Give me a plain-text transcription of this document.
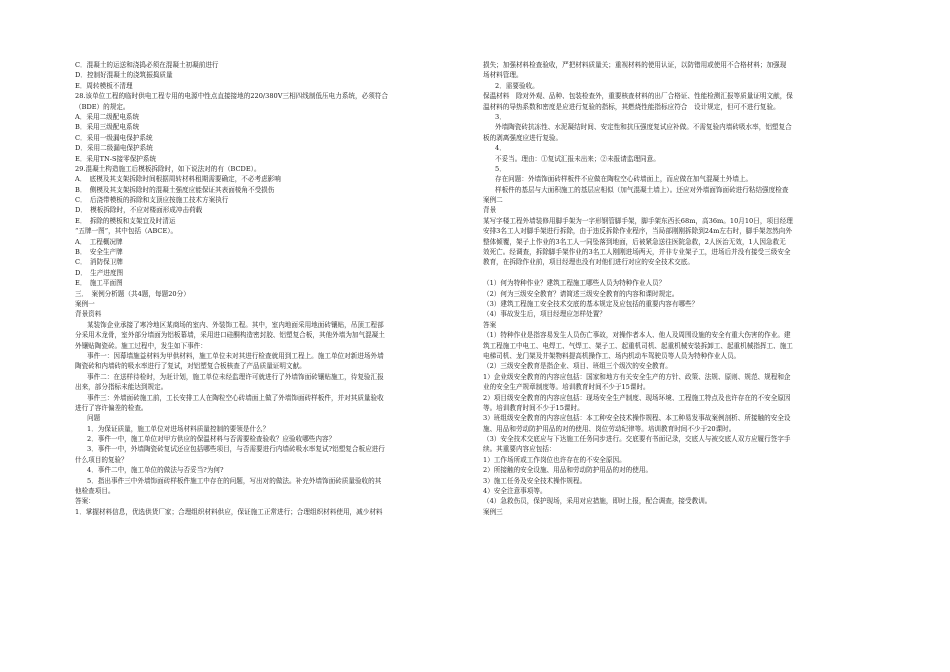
C．混凝土的运送和浇捣必须在混凝土初凝前进行
D．控制好混凝土的浇筑振捣质量
E．周转模板不清理
28.该单位工程的临时供电工程专用的电源中性点直接接地的220/380V三相四线制低压电力系统，必须符合
（BDE）的规定。
A．采用二级配电系统
B．采用三级配电系统
C．采用一级漏电保护系统
D．采用二级漏电保护系统
E．采用TN-S接零保护系统
29.混凝土构造施工后模板拆除时，如下说法对的有（BCDE）。
A．　底模及其支架拆除时间根据周转材料租期需要确定，不必考虑影响
B．　侧模及其支架拆除时的混凝土强度应能保证其表面棱角不受损伤
C．　后浇带模板的拆除和支顶应按施工技术方案执行
D．　模板拆除时，不应对楼面形成冲击荷载
E．　拆除的模板和支架宜及时清运
“五牌一图”，其中包括（ABCE）。
A．　工程概况牌
B．　安全生产牌
C．　消防保卫牌
D．　生产进度图
E．　施工平面图
三．　案例分析题（共4题，每题20分）
案例一
背景资料
某装饰企业承接了寒冷地区某商场的室内、外装饰工程。其中，室内地面采用地面砖镶贴，吊顶工程部
分采用木龙骨，室外部分墙面为铝板幕墙，采用进口硅酮构造密封胶、铝塑复合板，其他外墙为加气混凝土
外镶贴陶瓷砖。施工过程中，发生如下事件：
事件一：因幕墙施益材料为甲供材料，施工单位未对其进行检查就用到工程上。施工单位对新进场外墙
陶瓷砖和内墙砖的吸水率进行了复试，对铝塑复合板核查了产品质量证明文献。
事件二：在送样待检时，为赶计划，施工单位未经监理许可就进行了外墙饰面砖镶贴施工，待复验汇报
出来，部分指标未能达到规定。
事件三：外墙面砖施工前，工长安排工人在陶粒空心砖墙面上做了外墙饰面砖样板件，并对其质量验收
进行了容许偏差的检查。
问题
1．为保证质量，施工单位对进场材料质量控制的要领是什么？
2．事件一中，施工单位对甲方供应的保温材料与否需要检查验收？应验收哪些内容？
3．事件一中，外墙陶瓷砖复试还应包括哪些项目，与否需要进行内墙砖吸水率复试?铝塑复合板应进行
什么项目的复验？
4．事件二中，施工单位的做法与否妥当?为何?
5．指出事件三中外墙饰面砖样板件施工中存在的问题，写出对的做法。补充外墙饰面砖质量验收的其
他检查项目。
答案：
1．掌握材料信息，优选供货厂家；合理组织材料供应，保证施工正常进行；合理组织材料使用，减少材料
损失；加强材料检查验收，严把材料质量关；重视材料的使用认证，以防错用或使用不合格材料；加强现
场材料管理。
2．需要验收。
保温材料　除对外观、品种、包装检查外，重要核查材料的出厂合格证、性能检测汇报等质量证明文献，保
温材料的导热系数和密度是应进行复验的指标，其燃烧性能指标应符合　设计规定，但可不进行复验。
3．
外墙陶瓷砖抗冻性、水泥凝结时间、安定性和抗压强度复试应补做。不需复验内墙砖吸水率，铝塑复合
板的剥离强度应进行复验。
4．
不妥当。理由：①复试汇报未出来；②未报请监理同意。
5．
存在问题：外墙饰面砖样板件不应做在陶粒空心砖墙面上，而应做在加气混凝土外墙上。
样板件的基层与大面积施工的基层应相似（加气混凝土墙上）。还应对外墙面饰面砖进行粘结强度检查
案例二
背景
某写字楼工程外墙装修用脚手架为一字形钢管脚手架，脚手架东西长68m，高36m。10月10日，项目经理
安排3名工人对脚手架进行拆除，由于违反拆除作业程序，当局部刚刚拆除到24m左右时，脚手架忽然向外
整体倾覆，架子上作业的3名工人一同坠落到地面，后被紧急送往医院急救，2人医治无效，1人因急救无
效死亡。经调查，拆除脚手架作业的3名工人刚刚进场两天，并非专业架子工，进场后并没有接受三级安全
教育，在拆除作业前，项目经理也没有对他们进行对应的安全技术交底。
（1）何为特种作业？建筑工程施工哪些人员为特种作业人员？
（2）何为三级安全教育？请简述三级安全教育的内容和课时规定。
（3）建筑工程施工安全技术交底的基本规定及应包括的重要内容有哪些？
（4）事故发生后，项目经理应怎样处置？
答案
（1）特种作业是指容易发生人员伤亡事故，对操作者本人、他人及周围设施的安全有重大伤害的作业。建
筑工程施工中电工、电焊工、气焊工、架子工、起重机司机、起重机械安装拆卸工、起重机械指挥工、施工
电梯司机、龙门架及井架物料提高机操作工、场内机动车驾驶员等人员为特种作业人员。
（2）三级安全教育是指企业、项目、班组三个级次的安全教育。
1）企业级安全教育的内容应包括：国家和地方有关安全生产的方针、政策、法规、原则、规范、规程和企
业的安全生产规章制度等。培训教育时间不少于15课时。
2）项目级安全教育的内容应包括：现场安全生产制度、现场环境、工程施工特点及也许存在的不安全原因
等。培训教育时间不少于15课时。
3）班组级安全教育的内容应包括：本工种安全技术操作规程、本工种易发事故案例剖析、所接触的安全设
施、用品和劳动防护用品的对的使用、岗位劳动纪律等。培训教育时间不少于20课时。
（3）安全技术交底应与下达施工任务同步进行。交底要有书面记录，交底人与被交底人双方应履行签字手
续。其重要内容应包括：
1）工作场所或工作岗位也许存在的不安全原因。
2）所接触的安全设施、用品和劳动防护用品的对的使用。
3）施工任务及安全技术操作规程。
4）安全注意事项等。
（4）急救伤员，保护现场，采用对应措施，即时上报，配合调查，接受教训。
案例三
